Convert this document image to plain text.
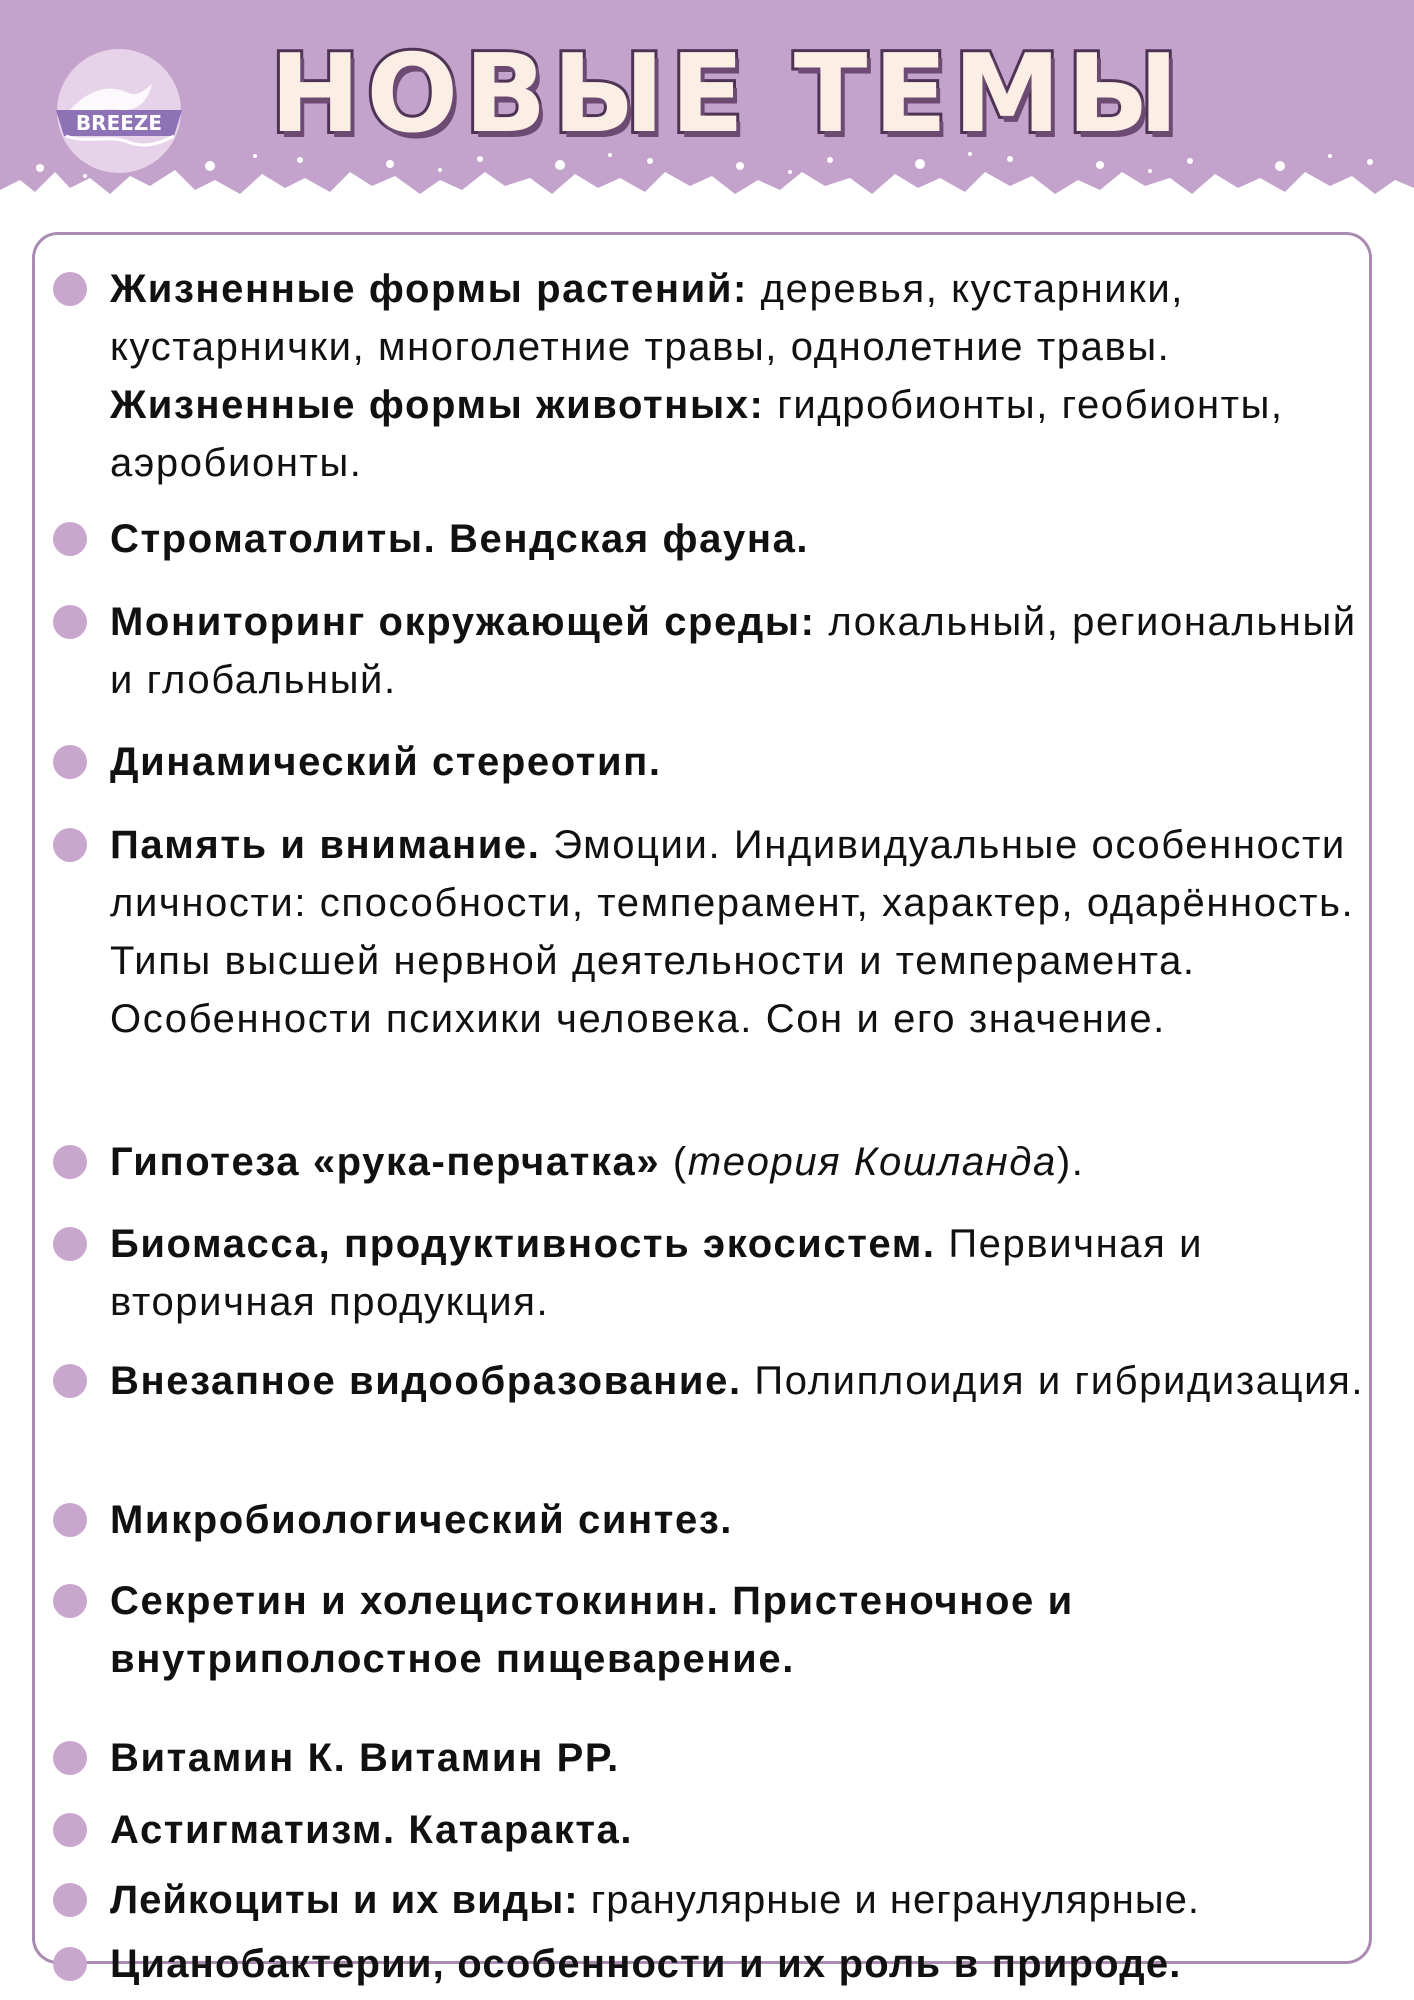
BREEZE НОВЫЕ ТЕМЫ
Жизненные формы растений: деревья, кустарники, кустарнички, многолетние травы, однолетние травы.
Жизненные формы животных: гидробионты, геобионты, аэробионты.
Строматолиты. Вендская фауна.
Мониторинг окружающей среды: локальный, региональный и глобальный.
Динамический стереотип.
Память и внимание. Эмоции. Индивидуальные особенности личности: способности, темперамент, характер, одарённость. Типы высшей нервной деятельности и темперамента. Особенности психики человека. Сон и его значение.
Гипотеза «рука-перчатка» (теория Кошланда).
Биомасса, продуктивность экосистем. Первичная и вторичная продукция.
Внезапное видообразование. Полиплоидия и гибридизация.
Микробиологический синтез.
Секретин и холецистокинин. Пристеночное и внутриполостное пищеварение.
Витамин К. Витамин РР.
Астигматизм. Катаракта.
Лейкоциты и их виды: гранулярные и негранулярные.
Цианобактерии, особенности и их роль в природе.
